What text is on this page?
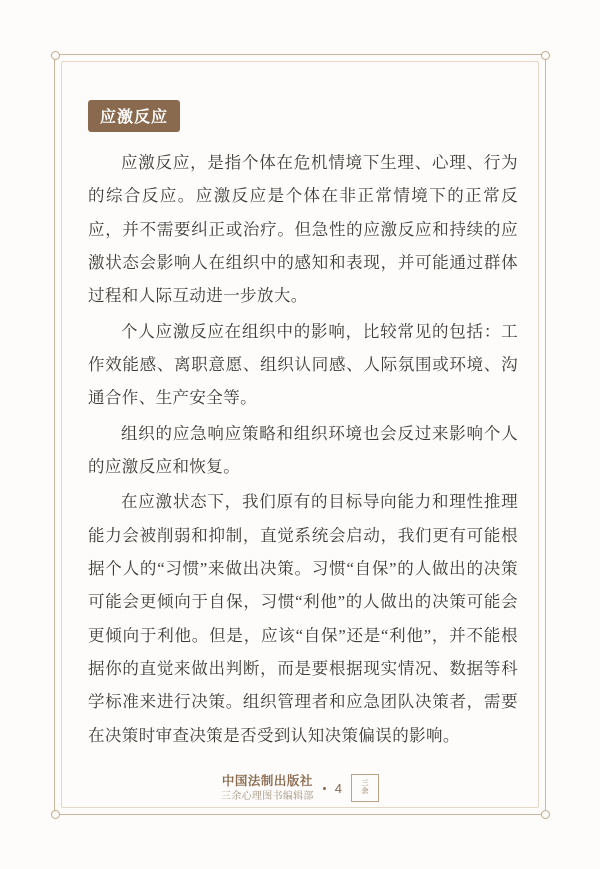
应激反应

应激反应，是指个体在危机情境下生理、心理、行为的综合反应。应激反应是个体在非正常情境下的正常反应，并不需要纠正或治疗。但急性的应激反应和持续的应激状态会影响人在组织中的感知和表现，并可能通过群体过程和人际互动进一步放大。

个人应激反应在组织中的影响，比较常见的包括：工作效能感、离职意愿、组织认同感、人际氛围或环境、沟通合作、生产安全等。

组织的应急响应策略和组织环境也会反过来影响个人的应激反应和恢复。

在应激状态下，我们原有的目标导向能力和理性推理能力会被削弱和抑制，直觉系统会启动，我们更有可能根据个人的“习惯”来做出决策。习惯“自保”的人做出的决策可能会更倾向于自保，习惯“利他”的人做出的决策可能会更倾向于利他。但是，应该“自保”还是“利他”，并不能根据你的直觉来做出判断，而是要根据现实情况、数据等科学标准来进行决策。组织管理者和应急团队决策者，需要在决策时审查决策是否受到认知决策偏误的影响。

中国法制出版社
三余心理图书编辑部
4	三
余
